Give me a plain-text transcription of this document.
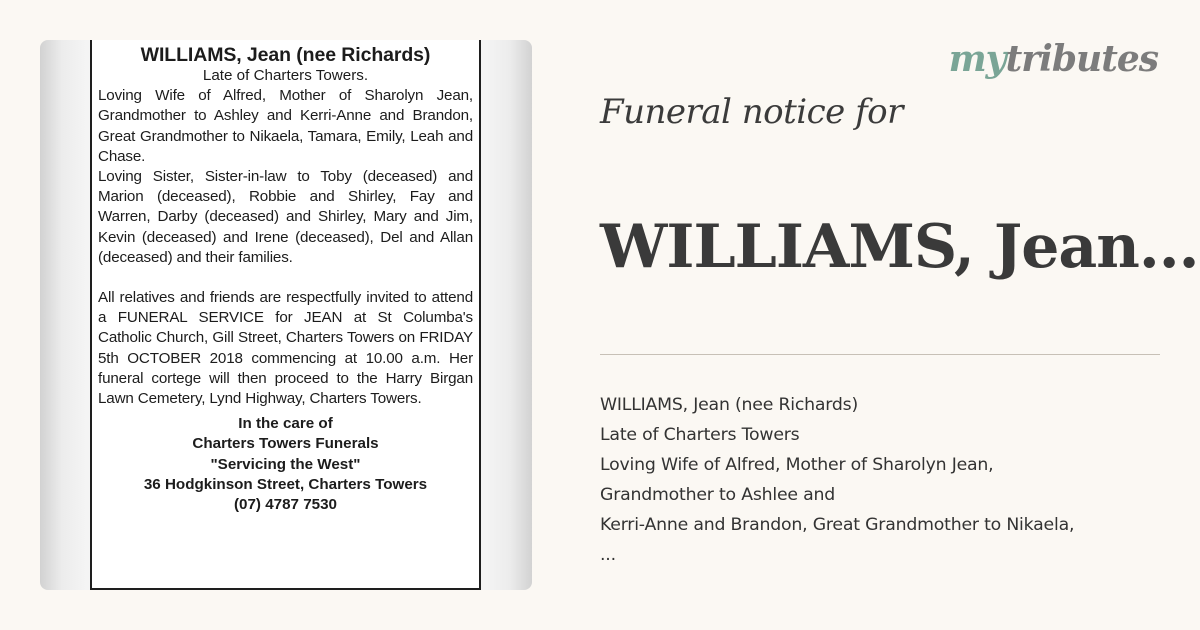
WILLIAMS, Jean (nee Richards)
Late of Charters Towers.
Loving Wife of Alfred, Mother of Sharolyn Jean, Grandmother to Ashley and Kerri-Anne and Brandon, Great Grandmother to Nikaela, Tamara, Emily, Leah and Chase.
Loving Sister, Sister-in-law to Toby (deceased) and Marion (deceased), Robbie and Shirley, Fay and Warren, Darby (deceased) and Shirley, Mary and Jim, Kevin (deceased) and Irene (deceased), Del and Allan (deceased) and their families.
All relatives and friends are respectfully invited to attend a FUNERAL SERVICE for JEAN at St Columba's Catholic Church, Gill Street, Charters Towers on FRIDAY 5th OCTOBER 2018 commencing at 10.00 a.m. Her funeral cortege will then proceed to the Harry Birgan Lawn Cemetery, Lynd Highway, Charters Towers.
In the care of
Charters Towers Funerals
"Servicing the West"
36 Hodgkinson Street, Charters Towers
(07) 4787 7530
mytributes
Funeral notice for
WILLIAMS, Jean...
WILLIAMS, Jean (nee Richards)
Late of Charters Towers
Loving Wife of Alfred, Mother of Sharolyn Jean,
Grandmother to Ashlee and
Kerri-Anne and Brandon, Great Grandmother to Nikaela,
...
